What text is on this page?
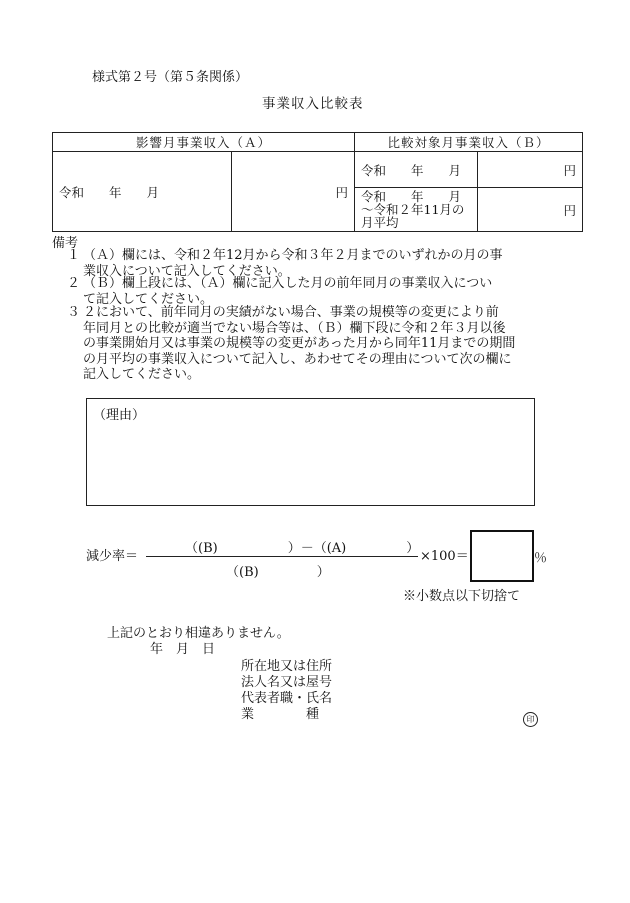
様式第２号（第５条関係）
事業収入比較表
影響月事業収入（Ａ）		比較対象月事業収入（Ｂ）	
令和　　年　　月	円	令和　　年　　月	円

		令和　　年　　月
～令和２年11月の
月平均	円
備考
１ （Ａ）欄には、令和２年12月から令和３年２月までのいずれかの月の事
業収入について記入してください。
２ （Ｂ）欄上段には、（Ａ）欄に記入した月の前年同月の事業収入につい
て記入してください。
３ ２において、前年同月の実績がない場合、事業の規模等の変更により前
年同月との比較が適当でない場合等は、（Ｂ）欄下段に令和２年３月以後
の事業開始月又は事業の規模等の変更があった月から同年11月までの期間
の月平均の事業収入について記入し、あわせてその理由について次の欄に
記入してください。
（理由）
減少率＝
（(B)	）－（(A)	）
（(B)	）
×100＝	％
※小数点以下切捨て
上記のとおり相違ありません。
年　月　日
所在地又は住所
法人名又は屋号
代表者職・氏名
業　　　　種	印
